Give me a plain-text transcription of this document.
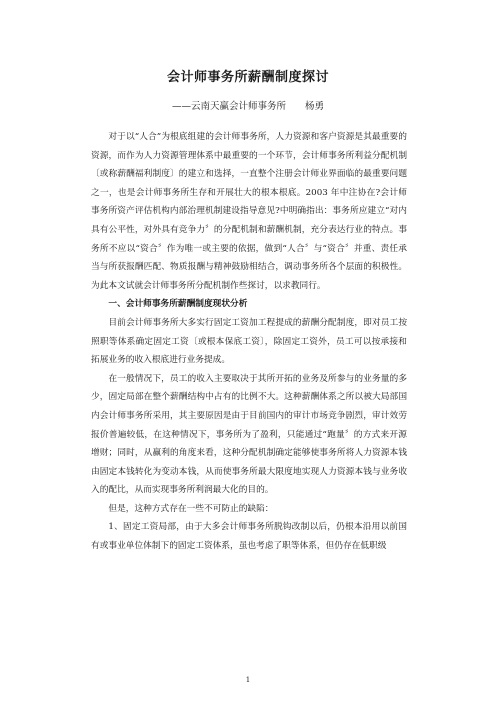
会计师事务所薪酬制度探讨
——云南天赢会计师事务所　　杨勇

对于以“人合”为根底组建的会计师事务所，人力资源和客户资源是其最重要的资源，而作为人力资源管理体系中最重要的一个环节，会计师事务所利益分配机制〔或称薪酬福利制度〕的建立和选择，一直整个注册会计师业界面临的最重要问题之一，也是会计师事务所生存和开展壮大的根本根底。2003 年中注协在?会计师事务所资产评估机构内部治理机制建设指导意见?中明确指出：事务所应建立“对内具有公平性，对外具有竞争力〞的分配机制和薪酬机制，充分表达行业的特点。事务所不应以“资合〞作为唯一或主要的依据，做到“人合〞与“资合〞并重、责任承当与所获报酬匹配、物质报酬与精神鼓励相结合，调动事务所各个层面的积极性。为此本文试就会计师事务所分配机制作些探讨，以求教同行。

一、会计师事务所薪酬制度现状分析

目前会计师事务所大多实行固定工资加工程提成的薪酬分配制度，即对员工按照职等体系确定固定工资〔或根本保底工资〕，除固定工资外，员工可以按承接和拓展业务的收入根底进行业务提成。

在一般情况下，员工的收入主要取决于其所开拓的业务及所参与的业务量的多少，固定局部在整个薪酬结构中占有的比例不大。这种薪酬体系之所以被大局部国内会计师事务所采用，其主要原因是由于目前国内的审计市场竞争剧烈，审计效劳报价普遍较低，在这种情况下，事务所为了盈利，只能通过“跑量〞的方式来开源增财；同时，从赢利的角度来看，这种分配机制确定能够使事务所将人力资源本钱由固定本钱转化为变动本钱，从而使事务所最大限度地实现人力资源本钱与业务收入的配比，从而实现事务所利润最大化的目的。

但是，这种方式存在一些不可防止的缺陷：

1、固定工资局部，由于大多会计师事务所脱钩改制以后，仍根本沿用以前国有或事业单位体制下的固定工资体系，虽也考虑了职等体系，但仍存在低职级

1
